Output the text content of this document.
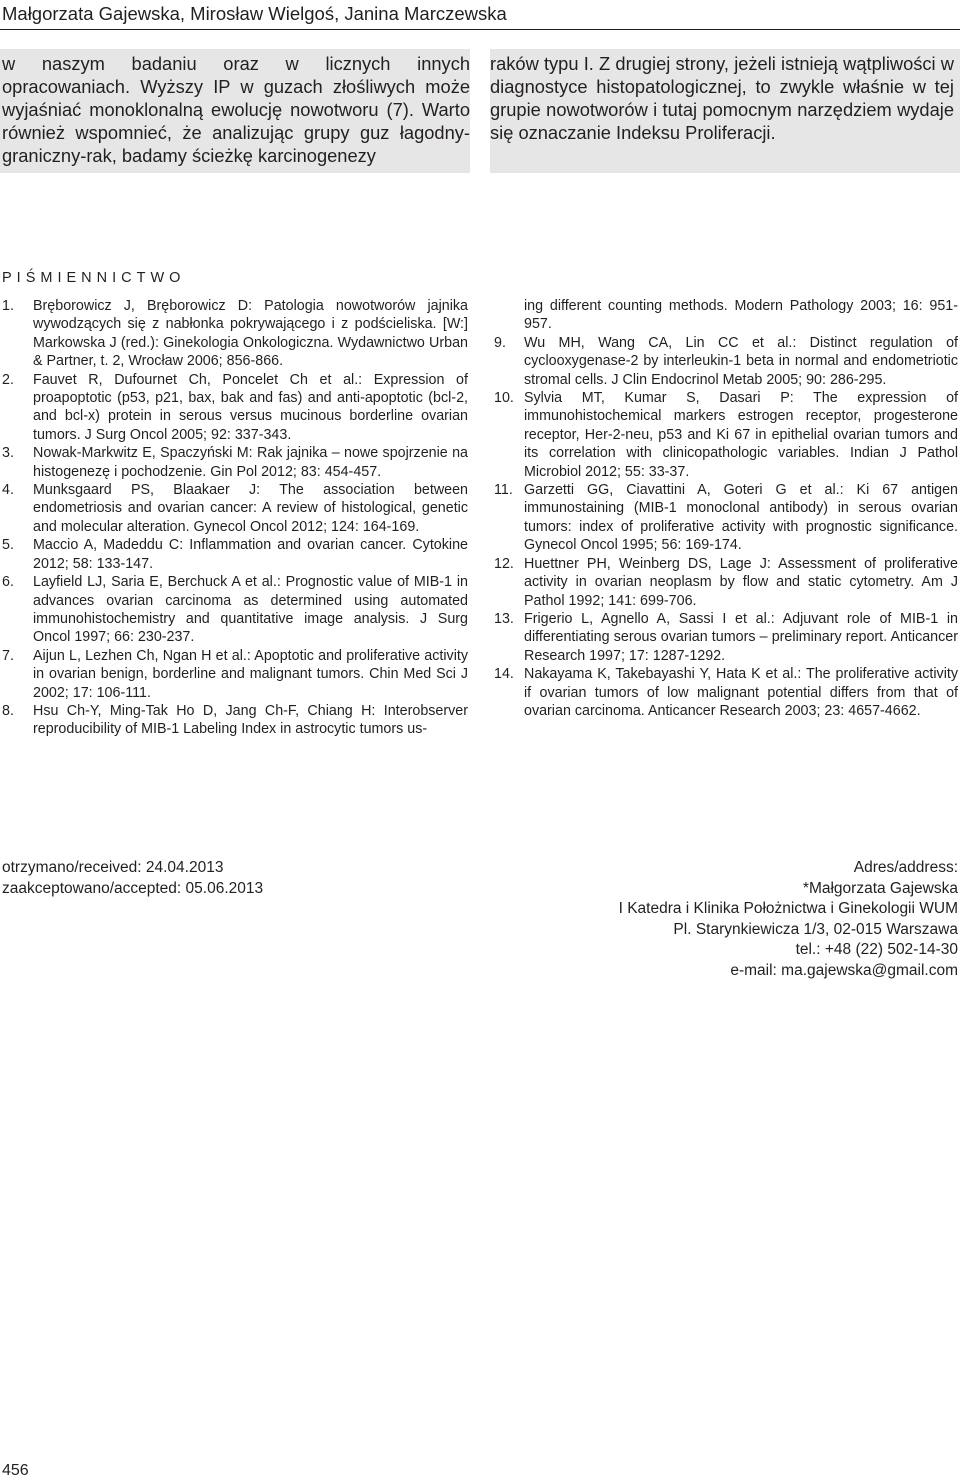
Małgorzata Gajewska, Mirosław Wielgoś, Janina Marczewska

w naszym badaniu oraz w licznych innych opracowaniach. Wyższy IP w guzach złośliwych może wyjaśniać monoklonalną ewolucję nowotworu (7). Warto również wspomnieć, że analizując grupy guz łagodny-graniczny-rak, badamy ścieżkę karcinogenezy

raków typu I. Z drugiej strony, jeżeli istnieją wątpliwości w diagnostyce histopatologicznej, to zwykle właśnie w tej grupie nowotworów i tutaj pomocnym narzędziem wydaje się oznaczanie Indeksu Proliferacji.

PIŚMIENNICTWO
1.	Bręborowicz J, Bręborowicz D: Patologia nowotworów jajnika wywodzących się z nabłonka pokrywającego i z podścieliska. [W:] Markowska J (red.): Ginekologia Onkologiczna. Wydawnictwo Urban & Partner, t. 2, Wrocław 2006; 856-866.
2.	Fauvet R, Dufournet Ch, Poncelet Ch et al.: Expression of proapoptotic (p53, p21, bax, bak and fas) and anti-apoptotic (bcl-2, and bcl-x) protein in serous versus mucinous borderline ovarian tumors. J Surg Oncol 2005; 92: 337-343.
3.	Nowak-Markwitz E, Spaczyński M: Rak jajnika – nowe spojrzenie na histogenezę i pochodzenie. Gin Pol 2012; 83: 454-457.
4.	Munksgaard PS, Blaakaer J: The association between endometriosis and ovarian cancer: A review of histological, genetic and molecular alteration. Gynecol Oncol 2012; 124: 164-169.
5.	Maccio A, Madeddu C: Inflammation and ovarian cancer. Cytokine 2012; 58: 133-147.
6.	Layfield LJ, Saria E, Berchuck A et al.: Prognostic value of MIB-1 in advances ovarian carcinoma as determined using automated immunohistochemistry and quantitative image analysis. J Surg Oncol 1997; 66: 230-237.
7.	Aijun L, Lezhen Ch, Ngan H et al.: Apoptotic and proliferative activity in ovarian benign, borderline and malignant tumors. Chin Med Sci J 2002; 17: 106-111.
8.	Hsu Ch-Y, Ming-Tak Ho D, Jang Ch-F, Chiang H: Interobserver reproducibility of MIB-1 Labeling Index in astrocytic tumors us-
ing different counting methods. Modern Pathology 2003; 16: 951-957.
9.	Wu MH, Wang CA, Lin CC et al.: Distinct regulation of cyclooxygenase-2 by interleukin-1 beta in normal and endometriotic stromal cells. J Clin Endocrinol Metab 2005; 90: 286-295.
10. Sylvia MT, Kumar S, Dasari P: The expression of immunohistochemical markers estrogen receptor, progesterone receptor, Her-2-neu, p53 and Ki 67 in epithelial ovarian tumors and its correlation with clinicopathologic variables. Indian J Pathol Microbiol 2012; 55: 33-37.
11. Garzetti GG, Ciavattini A, Goteri G et al.: Ki 67 antigen immunostaining (MIB-1 monoclonal antibody) in serous ovarian tumors: index of proliferative activity with prognostic significance. Gynecol Oncol 1995; 56: 169-174.
12. Huettner PH, Weinberg DS, Lage J: Assessment of proliferative activity in ovarian neoplasm by flow and static cytometry. Am J Pathol 1992; 141: 699-706.
13. Frigerio L, Agnello A, Sassi I et al.: Adjuvant role of MIB-1 in differentiating serous ovarian tumors – preliminary report. Anticancer Research 1997; 17: 1287-1292.
14. Nakayama K, Takebayashi Y, Hata K et al.: The proliferative activity if ovarian tumors of low malignant potential differs from that of ovarian carcinoma. Anticancer Research 2003; 23: 4657-4662.
otrzymano/received: 24.04.2013
zaakceptowano/accepted: 05.06.2013
Adres/address:
*Małgorzata Gajewska
I Katedra i Klinika Położnictwa i Ginekologii WUM
Pl. Starynkiewicza 1/3, 02-015 Warszawa
tel.: +48 (22) 502-14-30
e-mail: ma.gajewska@gmail.com
456
